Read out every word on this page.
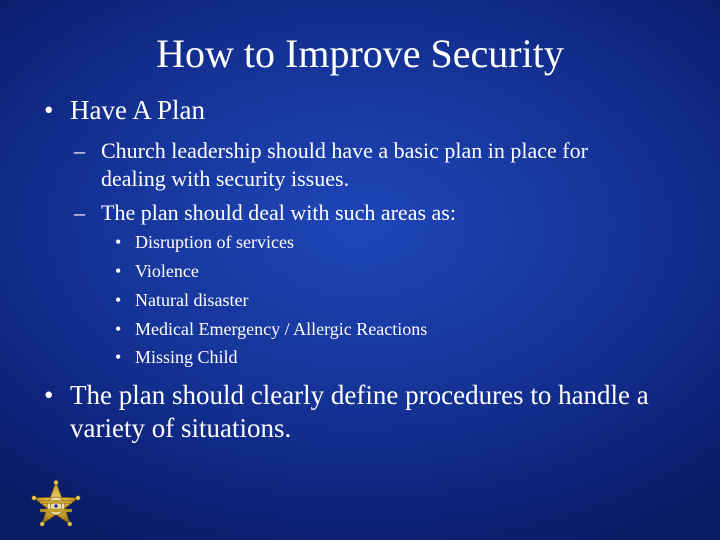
How to Improve Security
• Have A Plan
– Church leadership should have a basic plan in place for dealing with security issues.
– The plan should deal with such areas as:
• Disruption of services
• Violence
• Natural disaster
• Medical Emergency / Allergic Reactions
• Missing Child
• The plan should clearly define procedures to handle a variety of situations.
